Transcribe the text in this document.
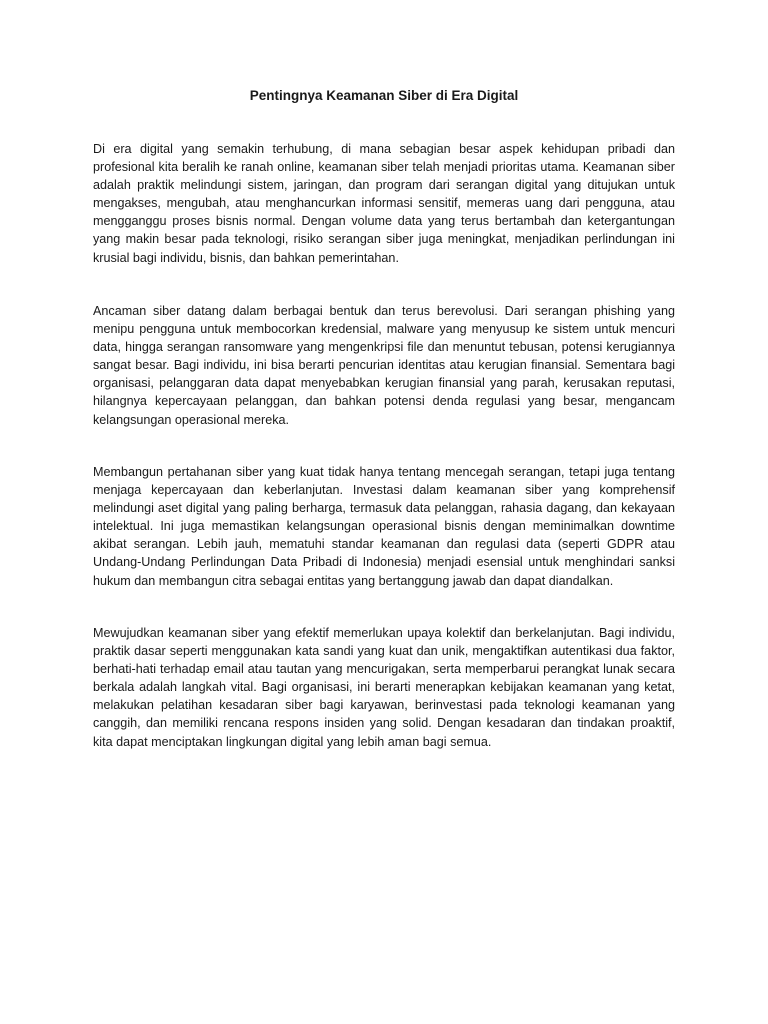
Pentingnya Keamanan Siber di Era Digital

Di era digital yang semakin terhubung, di mana sebagian besar aspek kehidupan pribadi dan profesional kita beralih ke ranah online, keamanan siber telah menjadi prioritas utama. Keamanan siber adalah praktik melindungi sistem, jaringan, dan program dari serangan digital yang ditujukan untuk mengakses, mengubah, atau menghancurkan informasi sensitif, memeras uang dari pengguna, atau mengganggu proses bisnis normal. Dengan volume data yang terus bertambah dan ketergantungan yang makin besar pada teknologi, risiko serangan siber juga meningkat, menjadikan perlindungan ini krusial bagi individu, bisnis, dan bahkan pemerintahan.

Ancaman siber datang dalam berbagai bentuk dan terus berevolusi. Dari serangan phishing yang menipu pengguna untuk membocorkan kredensial, malware yang menyusup ke sistem untuk mencuri data, hingga serangan ransomware yang mengenkripsi file dan menuntut tebusan, potensi kerugiannya sangat besar. Bagi individu, ini bisa berarti pencurian identitas atau kerugian finansial. Sementara bagi organisasi, pelanggaran data dapat menyebabkan kerugian finansial yang parah, kerusakan reputasi, hilangnya kepercayaan pelanggan, dan bahkan potensi denda regulasi yang besar, mengancam kelangsungan operasional mereka.

Membangun pertahanan siber yang kuat tidak hanya tentang mencegah serangan, tetapi juga tentang menjaga kepercayaan dan keberlanjutan. Investasi dalam keamanan siber yang komprehensif melindungi aset digital yang paling berharga, termasuk data pelanggan, rahasia dagang, dan kekayaan intelektual. Ini juga memastikan kelangsungan operasional bisnis dengan meminimalkan downtime akibat serangan. Lebih jauh, mematuhi standar keamanan dan regulasi data (seperti GDPR atau Undang-Undang Perlindungan Data Pribadi di Indonesia) menjadi esensial untuk menghindari sanksi hukum dan membangun citra sebagai entitas yang bertanggung jawab dan dapat diandalkan.

Mewujudkan keamanan siber yang efektif memerlukan upaya kolektif dan berkelanjutan. Bagi individu, praktik dasar seperti menggunakan kata sandi yang kuat dan unik, mengaktifkan autentikasi dua faktor, berhati-hati terhadap email atau tautan yang mencurigakan, serta memperbarui perangkat lunak secara berkala adalah langkah vital. Bagi organisasi, ini berarti menerapkan kebijakan keamanan yang ketat, melakukan pelatihan kesadaran siber bagi karyawan, berinvestasi pada teknologi keamanan yang canggih, dan memiliki rencana respons insiden yang solid. Dengan kesadaran dan tindakan proaktif, kita dapat menciptakan lingkungan digital yang lebih aman bagi semua.
